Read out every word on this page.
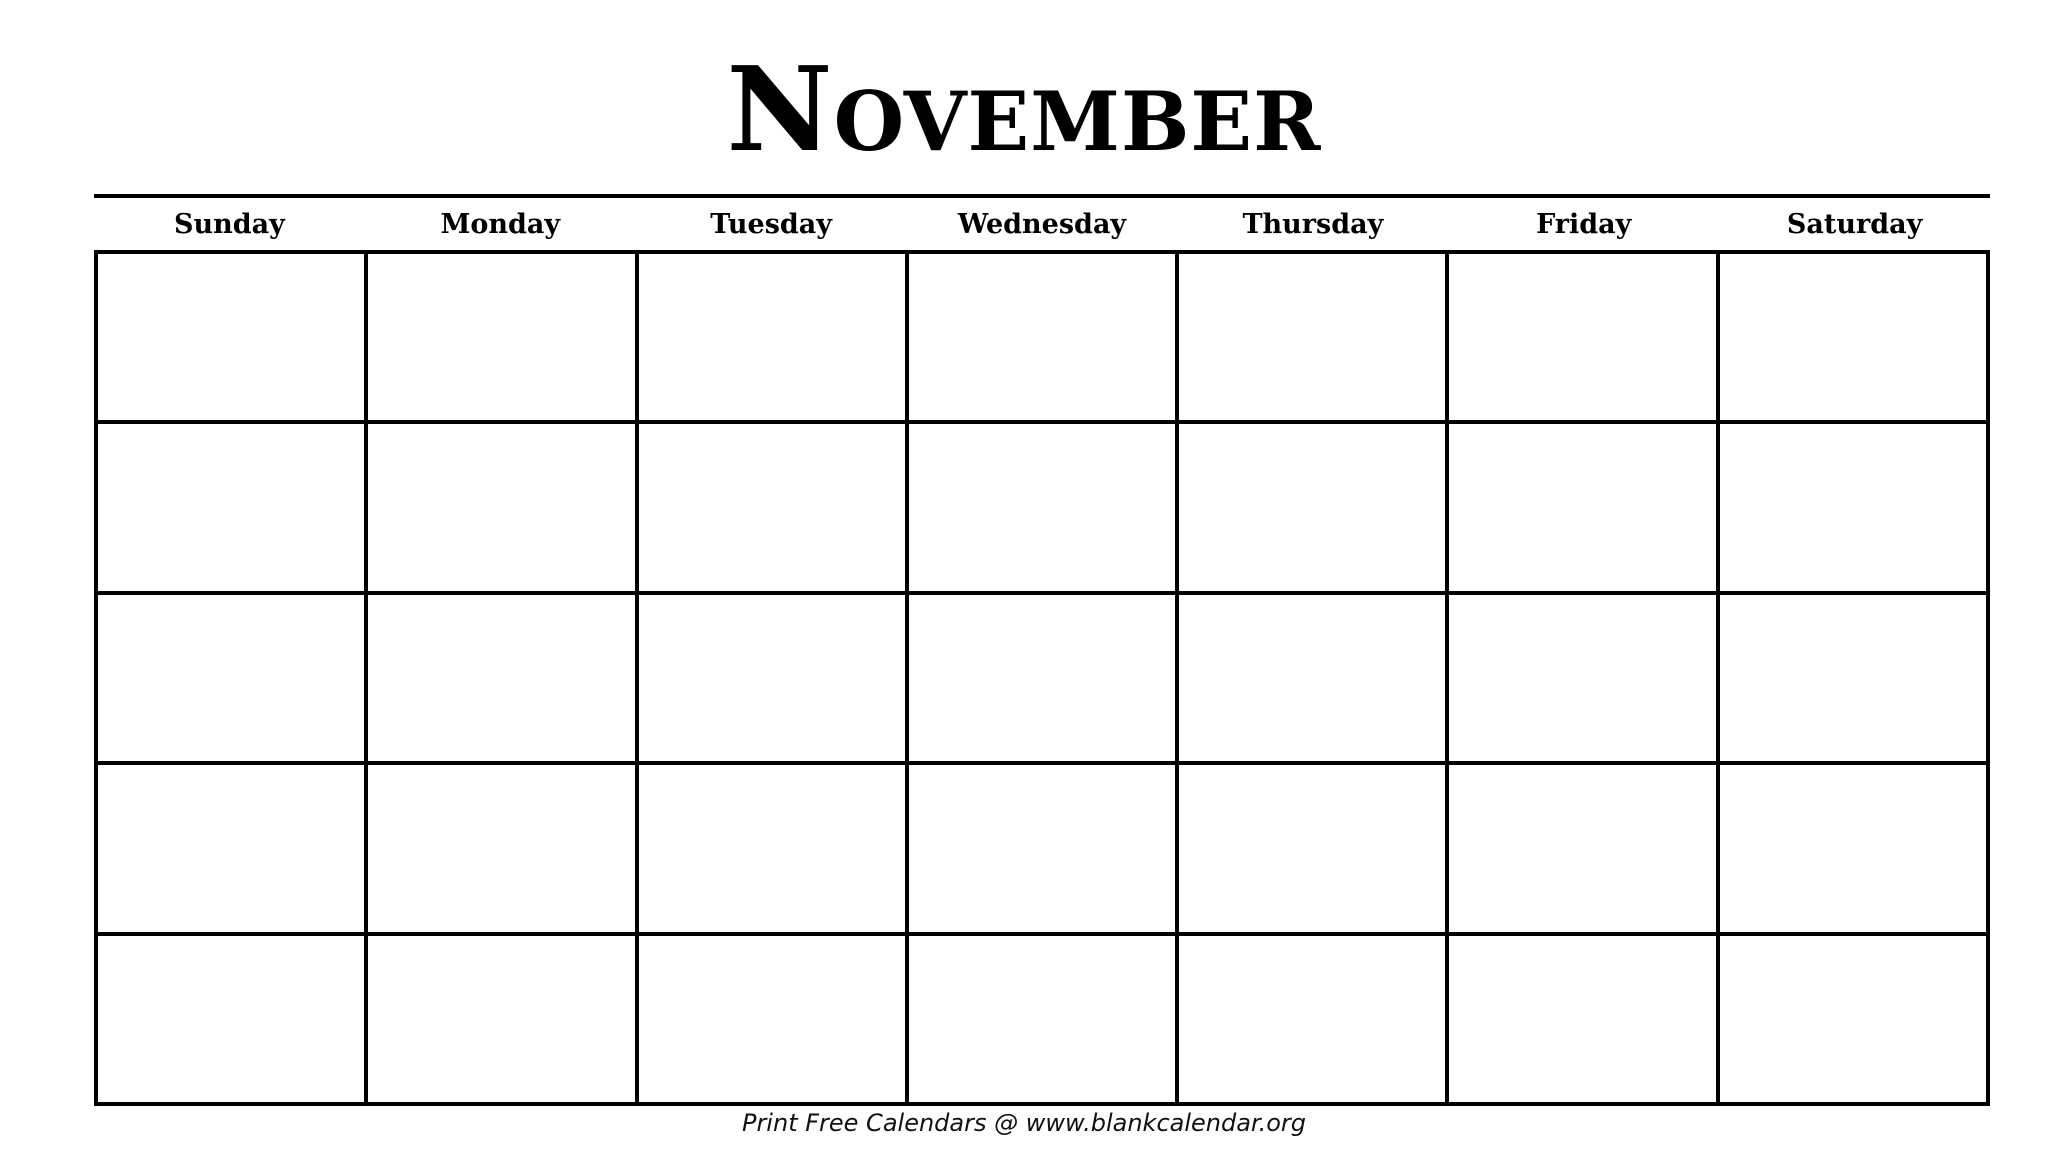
November
Sunday	Monday	Tuesday	Wednesday	Thursday	Friday	Saturday
Print Free Calendars @ www.blankcalendar.org
